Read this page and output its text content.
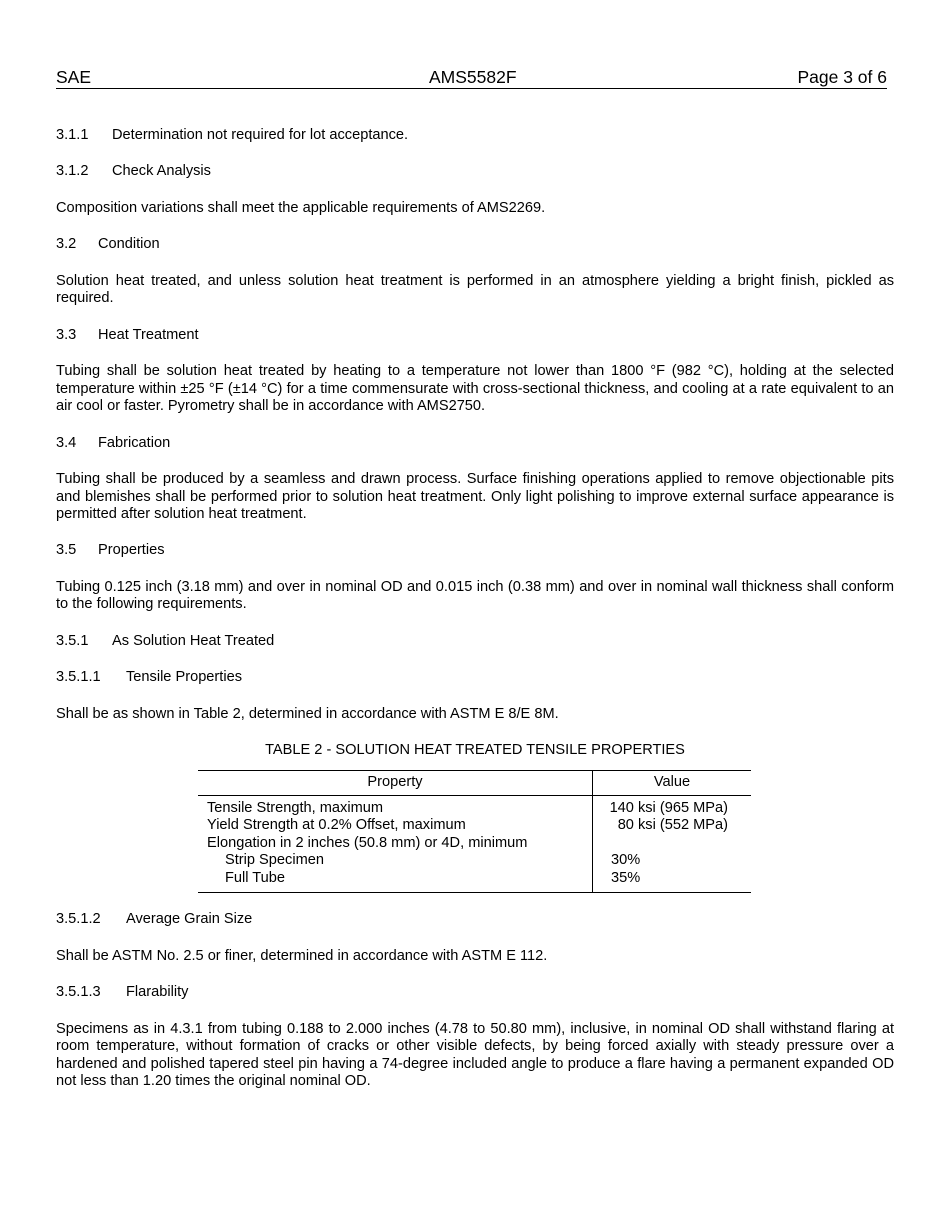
SAE	AMS5582F	Page 3 of 6

3.1.1 Determination not required for lot acceptance.

3.1.2 Check Analysis

Composition variations shall meet the applicable requirements of AMS2269.

3.2 Condition

Solution heat treated, and unless solution heat treatment is performed in an atmosphere yielding a bright finish, pickled as required.

3.3 Heat Treatment

Tubing shall be solution heat treated by heating to a temperature not lower than 1800 °F (982 °C), holding at the selected temperature within ±25 °F (±14 °C) for a time commensurate with cross-sectional thickness, and cooling at a rate equivalent to an air cool or faster. Pyrometry shall be in accordance with AMS2750.

3.4 Fabrication

Tubing shall be produced by a seamless and drawn process. Surface finishing operations applied to remove objectionable pits and blemishes shall be performed prior to solution heat treatment. Only light polishing to improve external surface appearance is permitted after solution heat treatment.

3.5 Properties

Tubing 0.125 inch (3.18 mm) and over in nominal OD and 0.015 inch (0.38 mm) and over in nominal wall thickness shall conform to the following requirements.

3.5.1 As Solution Heat Treated

3.5.1.1 Tensile Properties

Shall be as shown in Table 2, determined in accordance with ASTM E 8/E 8M.

TABLE 2 - SOLUTION HEAT TREATED TENSILE PROPERTIES

Property	Value
Tensile Strength, maximum	140 ksi (965 MPa)
Yield Strength at 0.2% Offset, maximum	80 ksi (552 MPa)
Elongation in 2 inches (50.8 mm) or 4D, minimum	
Strip Specimen	30%
Full Tube	35%

3.5.1.2 Average Grain Size

Shall be ASTM No. 2.5 or finer, determined in accordance with ASTM E 112.

3.5.1.3 Flarability

Specimens as in 4.3.1 from tubing 0.188 to 2.000 inches (4.78 to 50.80 mm), inclusive, in nominal OD shall withstand flaring at room temperature, without formation of cracks or other visible defects, by being forced axially with steady pressure over a hardened and polished tapered steel pin having a 74-degree included angle to produce a flare having a permanent expanded OD not less than 1.20 times the original nominal OD.
